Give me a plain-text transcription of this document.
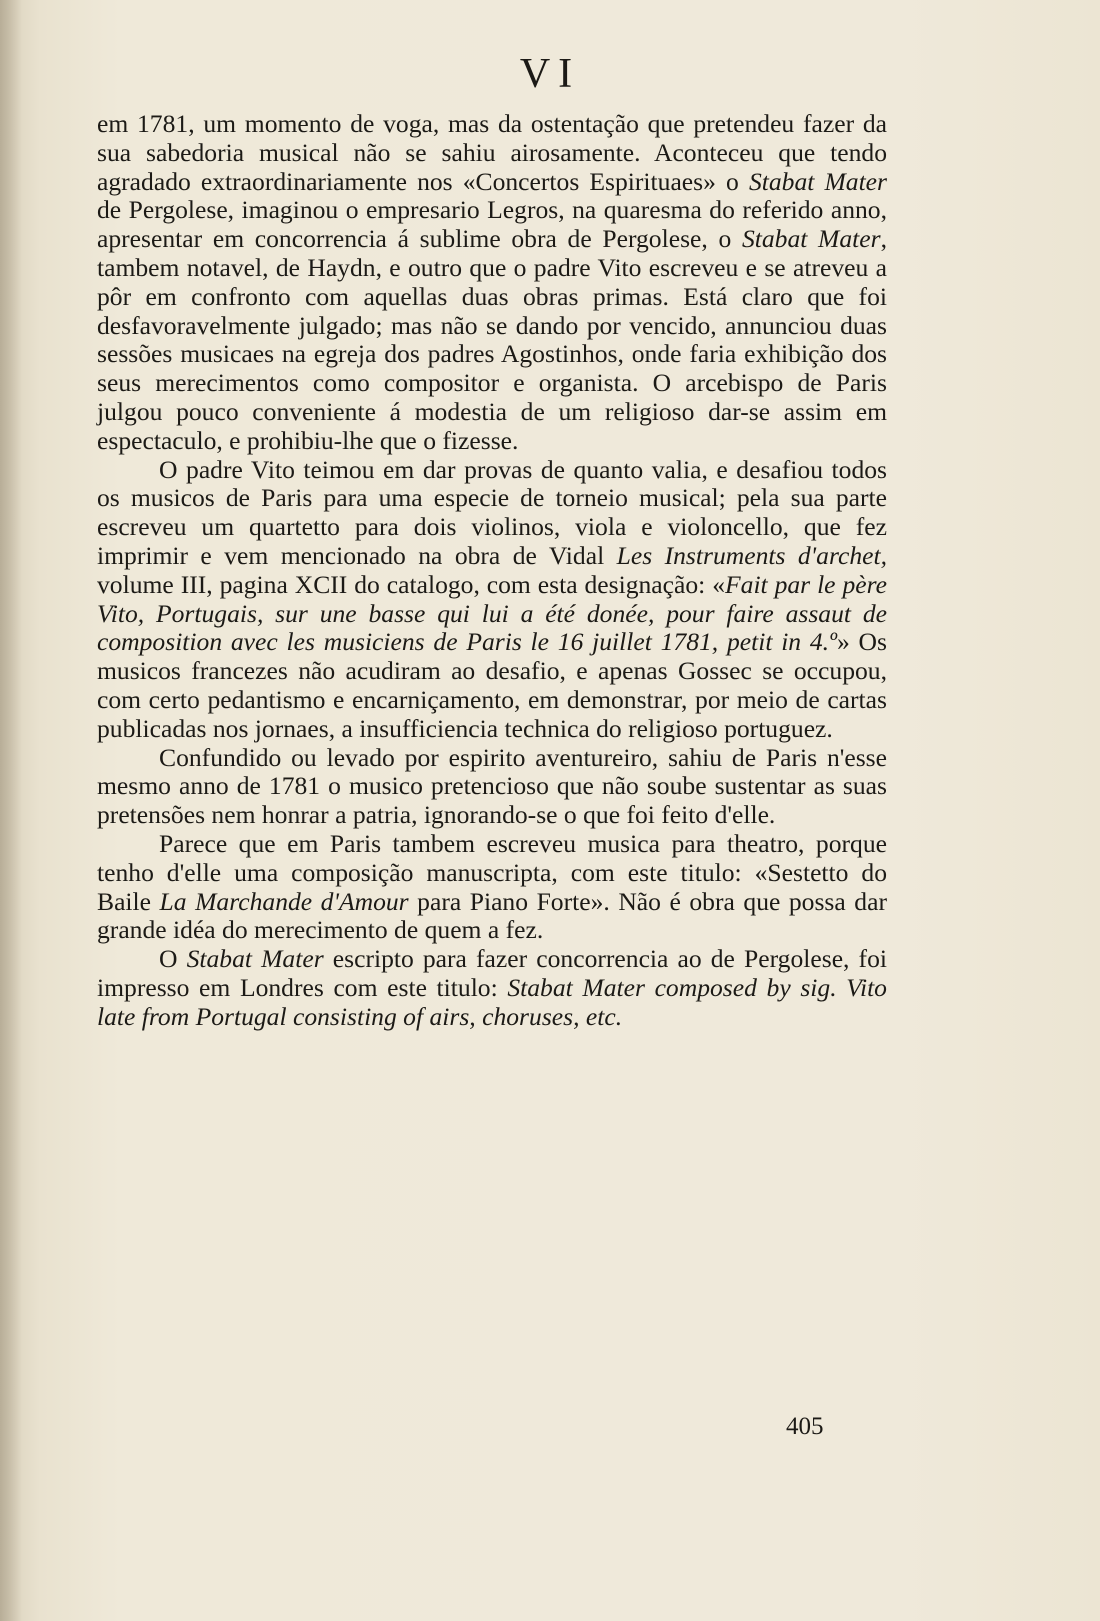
VI

em 1781, um momento de voga, mas da ostentação que pretendeu fazer da sua sabedoria musical não se sahiu airosamente. Aconteceu que tendo agradado extraordinariamente nos «Concertos Espirituaes» o Stabat Mater de Pergolese, imaginou o empresario Legros, na quaresma do referido anno, apresentar em concorrencia á sublime obra de Pergolese, o Stabat Mater, tambem notavel, de Haydn, e outro que o padre Vito escreveu e se atreveu a pôr em confronto com aquellas duas obras primas. Está claro que foi desfavoravelmente julgado; mas não se dando por vencido, annunciou duas sessões musicaes na egreja dos padres Agostinhos, onde faria exhibição dos seus merecimentos como compositor e organista. O arcebispo de Paris julgou pouco conveniente á modestia de um religioso dar-se assim em espectaculo, e prohibiu-lhe que o fizesse.

O padre Vito teimou em dar provas de quanto valia, e desafiou todos os musicos de Paris para uma especie de torneio musical; pela sua parte escreveu um quartetto para dois violinos, viola e violoncello, que fez imprimir e vem mencionado na obra de Vidal Les Instruments d'archet, volume III, pagina XCII do catalogo, com esta designação: «Fait par le père Vito, Portugais, sur une basse qui lui a été donée, pour faire assaut de composition avec les musiciens de Paris le 16 juillet 1781, petit in 4.º» Os musicos francezes não acudiram ao desafio, e apenas Gossec se occupou, com certo pedantismo e encarniçamento, em demonstrar, por meio de cartas publicadas nos jornaes, a insufficiencia technica do religioso portuguez.

Confundido ou levado por espirito aventureiro, sahiu de Paris n'esse mesmo anno de 1781 o musico pretencioso que não soube sustentar as suas pretensões nem honrar a patria, ignorando-se o que foi feito d'elle.

Parece que em Paris tambem escreveu musica para theatro, porque tenho d'elle uma composição manuscripta, com este titulo: «Sestetto do Baile La Marchande d'Amour para Piano Forte». Não é obra que possa dar grande idéa do merecimento de quem a fez.

O Stabat Mater escripto para fazer concorrencia ao de Pergolese, foi impresso em Londres com este titulo: Stabat Mater composed by sig. Vito late from Portugal consisting of airs, choruses, etc.

405
